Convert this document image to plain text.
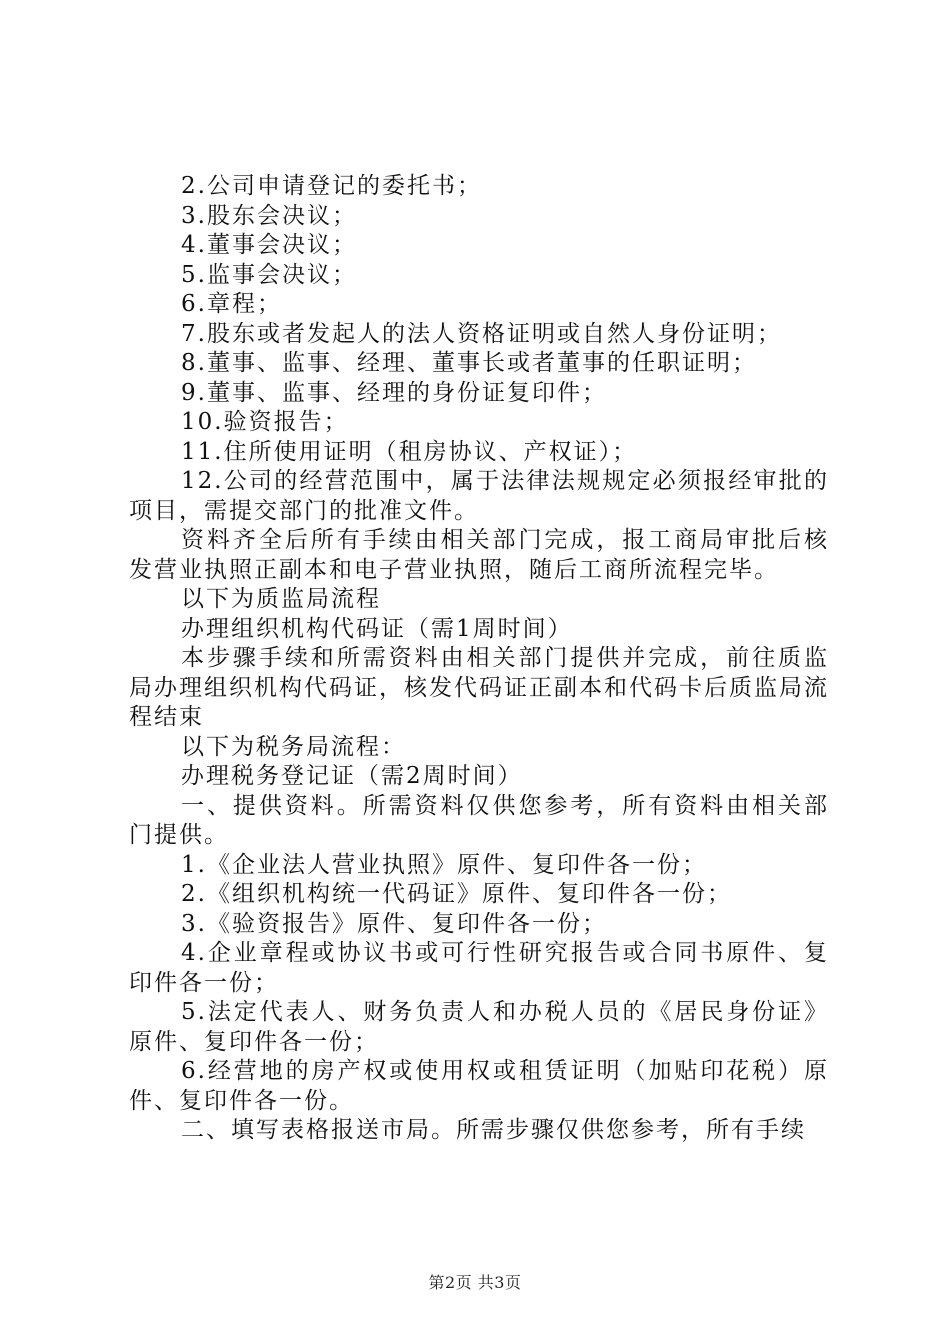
2.公司申请登记的委托书；

3.股东会决议；

4.董事会决议；

5.监事会决议；

6.章程；

7.股东或者发起人的法人资格证明或自然人身份证明；

8.董事、监事、经理、董事长或者董事的任职证明；

9.董事、监事、经理的身份证复印件；

10.验资报告；

11.住所使用证明（租房协议、产权证）；

12.公司的经营范围中，属于法律法规规定必须报经审批的项目，需提交部门的批准文件。

资料齐全后所有手续由相关部门完成，报工商局审批后核发营业执照正副本和电子营业执照，随后工商所流程完毕。

以下为质监局流程

办理组织机构代码证（需1周时间）

本步骤手续和所需资料由相关部门提供并完成，前往质监局办理组织机构代码证，核发代码证正副本和代码卡后质监局流程结束

以下为税务局流程：

办理税务登记证（需2周时间）

一、提供资料。所需资料仅供您参考，所有资料由相关部门提供。

1.《企业法人营业执照》原件、复印件各一份；

2.《组织机构统一代码证》原件、复印件各一份；

3.《验资报告》原件、复印件各一份；

4.企业章程或协议书或可行性研究报告或合同书原件、复印件各一份；

5.法定代表人、财务负责人和办税人员的《居民身份证》原件、复印件各一份；

6.经营地的房产权或使用权或租赁证明（加贴印花税）原件、复印件各一份。

二、填写表格报送市局。所需步骤仅供您参考，所有手续

第2页 共3页
